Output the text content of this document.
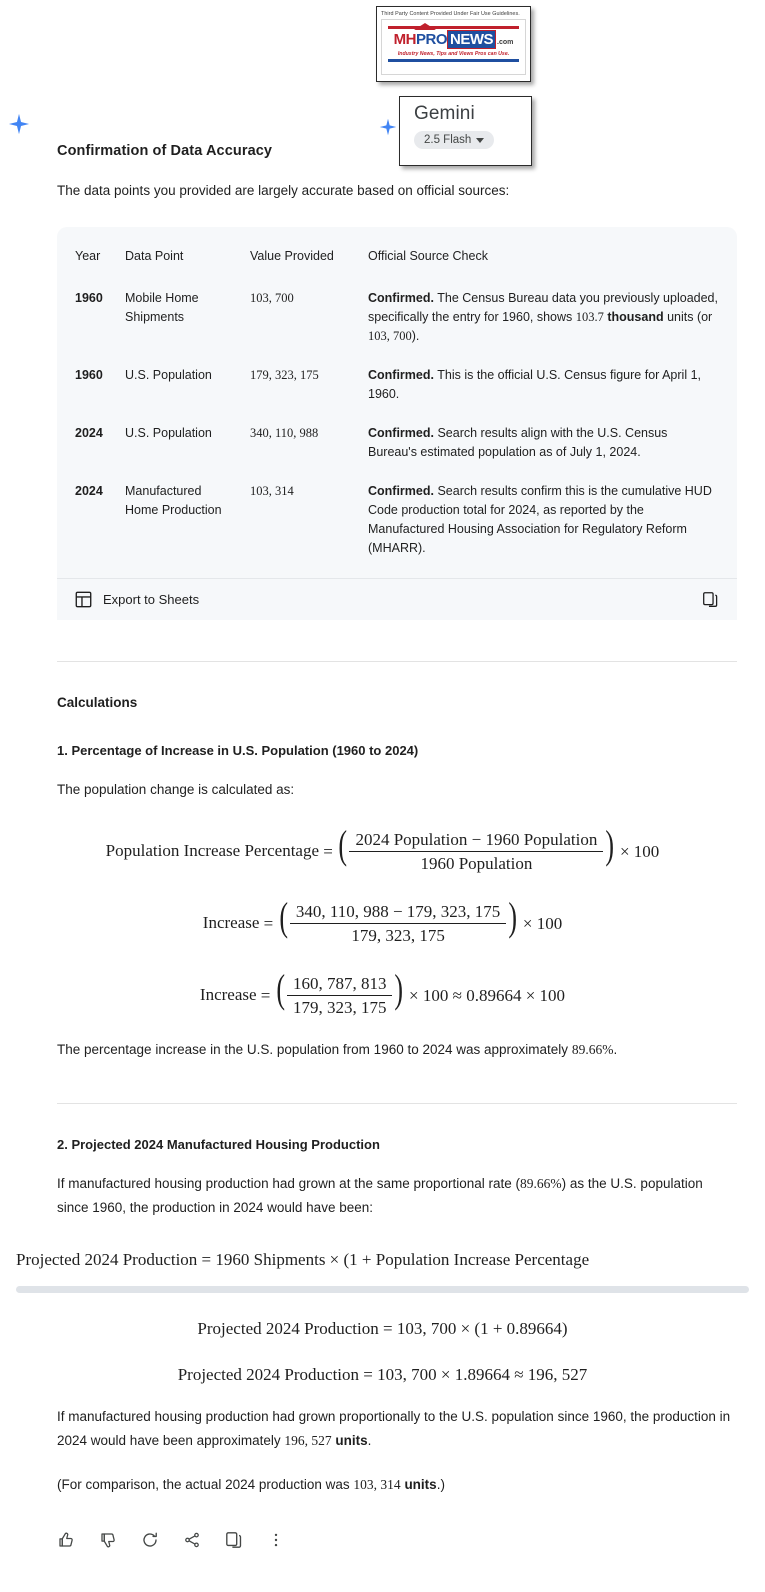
Third Party Content Provided Under Fair Use Guidelines.
MH PRO NEWS .com
Industry News, Tips and Views Pros can Use.
Gemini
2.5 Flash
Confirmation of Data Accuracy

The data points you provided are largely accurate based on official sources:

Year	Data Point	Value Provided	Official Source Check
1960	Mobile Home Shipments	103, 700	Confirmed. The Census Bureau data you previously uploaded, specifically the entry for 1960, shows 103.7 thousand units (or 103, 700).
1960	U.S. Population	179, 323, 175	Confirmed. This is the official U.S. Census figure for April 1, 1960.
2024	U.S. Population	340, 110, 988	Confirmed. Search results align with the U.S. Census Bureau's estimated population as of July 1, 2024.
2024	Manufactured Home Production	103, 314	Confirmed. Search results confirm this is the cumulative HUD Code production total for 2024, as reported by the Manufactured Housing Association for Regulatory Reform (MHARR).
Export to Sheets
Calculations
1. Percentage of Increase in U.S. Population (1960 to 2024)

The population change is calculated as:

Population Increase Percentage = ( $\frac{\text{2024 Population − 1960 Population}}{\text{1960 Population}}$ ) × 100
Increase = ( $\frac{340, 110, 988 - 179, 323, 175}{179, 323, 175}$ ) × 100
Increase = ( $\frac{160, 787, 813}{179, 323, 175}$ ) × 100 ≈ 0.89664 × 100

The percentage increase in the U.S. population from 1960 to 2024 was approximately 89.66%.

2. Projected 2024 Manufactured Housing Production

If manufactured housing production had grown at the same proportional rate (89.66%) as the U.S. population since 1960, the production in 2024 would have been:

Projected 2024 Production = 1960 Shipments × (1 + Population Increase Percentage
Projected 2024 Production = 103, 700 × (1 + 0.89664)
Projected 2024 Production = 103, 700 × 1.89664 ≈ 196, 527

If manufactured housing production had grown proportionally to the U.S. population since 1960, the production in 2024 would have been approximately 196, 527 units.

(For comparison, the actual 2024 production was 103, 314 units.)
